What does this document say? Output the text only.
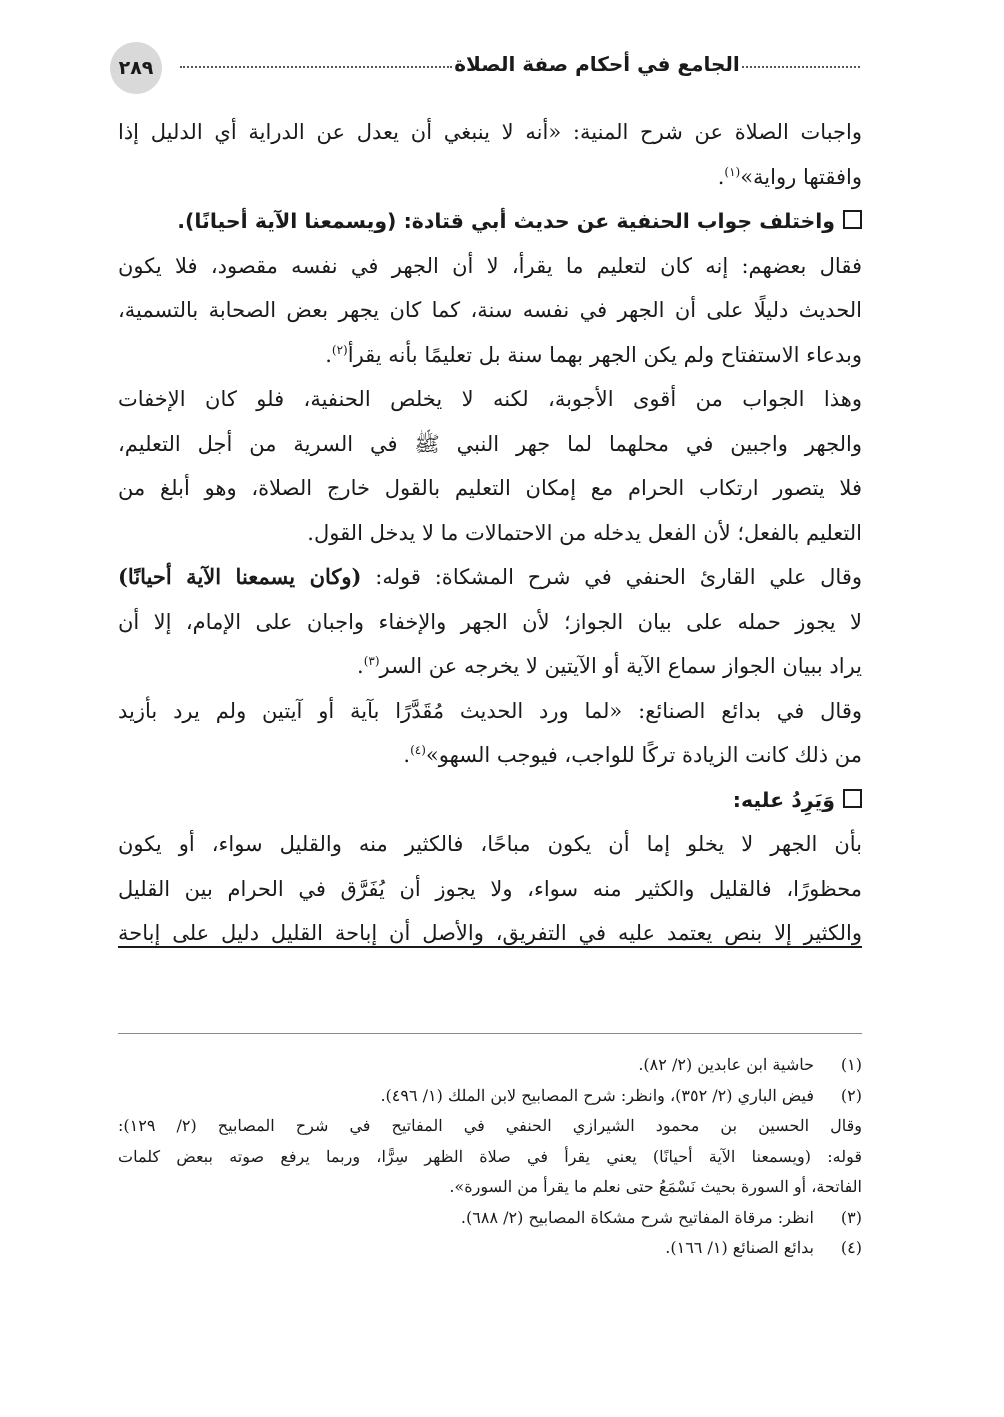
٢٨٩	الجامع في أحكام صفة الصلاة
واجبات الصلاة عن شرح المنية: «أنه لا ينبغي أن يعدل عن الدراية أي الدليل إذا
وافقتها رواية»$^{(١)}$.
واختلف جواب الحنفية عن حديث أبي قتادة: (ويسمعنا الآية أحيانًا).
فقال بعضهم: إنه كان لتعليم ما يقرأ، لا أن الجهر في نفسه مقصود، فلا يكون
الحديث دليلًا على أن الجهر في نفسه سنة، كما كان يجهر بعض الصحابة بالتسمية،
وبدعاء الاستفتاح ولم يكن الجهر بهما سنة بل تعليمًا بأنه يقرأ$^{(٢)}$.
وهذا الجواب من أقوى الأجوبة، لكنه لا يخلص الحنفية، فلو كان الإخفات
والجهر واجبين في محلهما لما جهر النبي ﷺ في السرية من أجل التعليم،
فلا يتصور ارتكاب الحرام مع إمكان التعليم بالقول خارج الصلاة، وهو أبلغ من
التعليم بالفعل؛ لأن الفعل يدخله من الاحتمالات ما لا يدخل القول.
وقال علي القارئ الحنفي في شرح المشكاة: قوله: (وكان يسمعنا الآية أحيانًا)
لا يجوز حمله على بيان الجواز؛ لأن الجهر والإخفاء واجبان على الإمام، إلا أن
يراد ببيان الجواز سماع الآية أو الآيتين لا يخرجه عن السر$^{(٣)}$.
وقال في بدائع الصنائع: «لما ورد الحديث مُقَدَّرًا بآية أو آيتين ولم يرد بأزيد
من ذلك كانت الزيادة تركًا للواجب، فيوجب السهو»$^{(٤)}$.
وَيَرِدُ عليه:
بأن الجهر لا يخلو إما أن يكون مباحًا، فالكثير منه والقليل سواء، أو يكون
محظورًا، فالقليل والكثير منه سواء، ولا يجوز أن يُفَرَّق في الحرام بين القليل
والكثير إلا بنص يعتمد عليه في التفريق، والأصل أن إباحة القليل دليل على إباحة
(١)حاشية ابن عابدين (٢/ ٨٢).
(٢)فيض الباري (٢/ ٣٥٢)، وانظر: شرح المصابيح لابن الملك (١/ ٤٩٦).
وقال الحسين بن محمود الشيرازي الحنفي في المفاتيح في شرح المصابيح (٢/ ١٢٩):
قوله: (ويسمعنا الآية أحيانًا) يعني يقرأ في صلاة الظهر سِرًّا، وربما يرفع صوته ببعض كلمات
الفاتحة، أو السورة بحيث نَسْمَعُ حتى نعلم ما يقرأ من السورة».
(٣)انظر: مرقاة المفاتيح شرح مشكاة المصابيح (٢/ ٦٨٨).
(٤)بدائع الصنائع (١/ ١٦٦).
